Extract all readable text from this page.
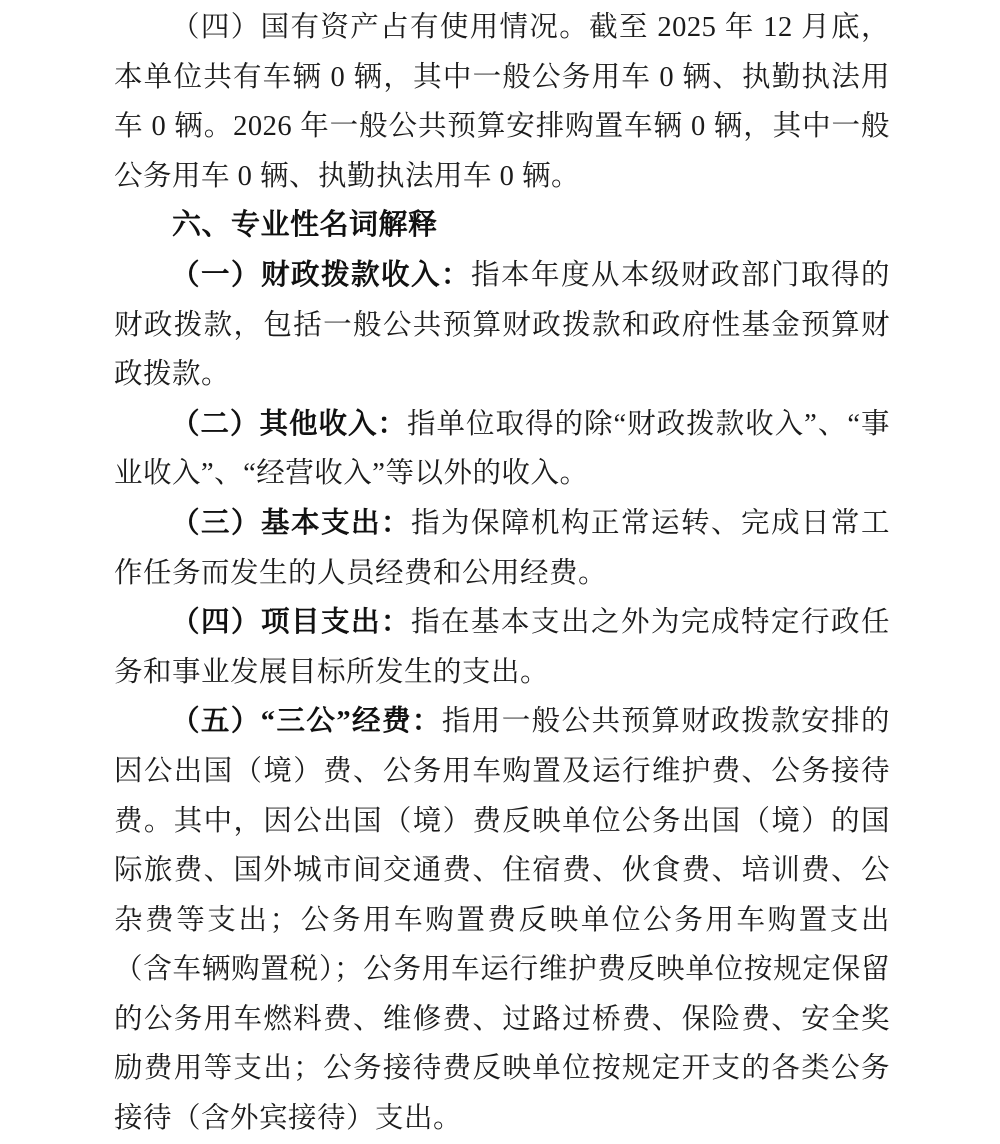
（四）国有资产占有使用情况。截至 2025 年 12 月底，本单位共有车辆 0 辆，其中一般公务用车 0 辆、执勤执法用车 0 辆。2026 年一般公共预算安排购置车辆 0 辆，其中一般公务用车 0 辆、执勤执法用车 0 辆。

六、专业性名词解释

（一）财政拨款收入：指本年度从本级财政部门取得的财政拨款，包括一般公共预算财政拨款和政府性基金预算财政拨款。

（二）其他收入：指单位取得的除“财政拨款收入”、“事业收入”、“经营收入”等以外的收入。

（三）基本支出：指为保障机构正常运转、完成日常工作任务而发生的人员经费和公用经费。

（四）项目支出：指在基本支出之外为完成特定行政任务和事业发展目标所发生的支出。

（五）“三公”经费：指用一般公共预算财政拨款安排的因公出国（境）费、公务用车购置及运行维护费、公务接待费。其中，因公出国（境）费反映单位公务出国（境）的国际旅费、国外城市间交通费、住宿费、伙食费、培训费、公杂费等支出；公务用车购置费反映单位公务用车购置支出（含车辆购置税）；公务用车运行维护费反映单位按规定保留的公务用车燃料费、维修费、过路过桥费、保险费、安全奖励费用等支出；公务接待费反映单位按规定开支的各类公务接待（含外宾接待）支出。
